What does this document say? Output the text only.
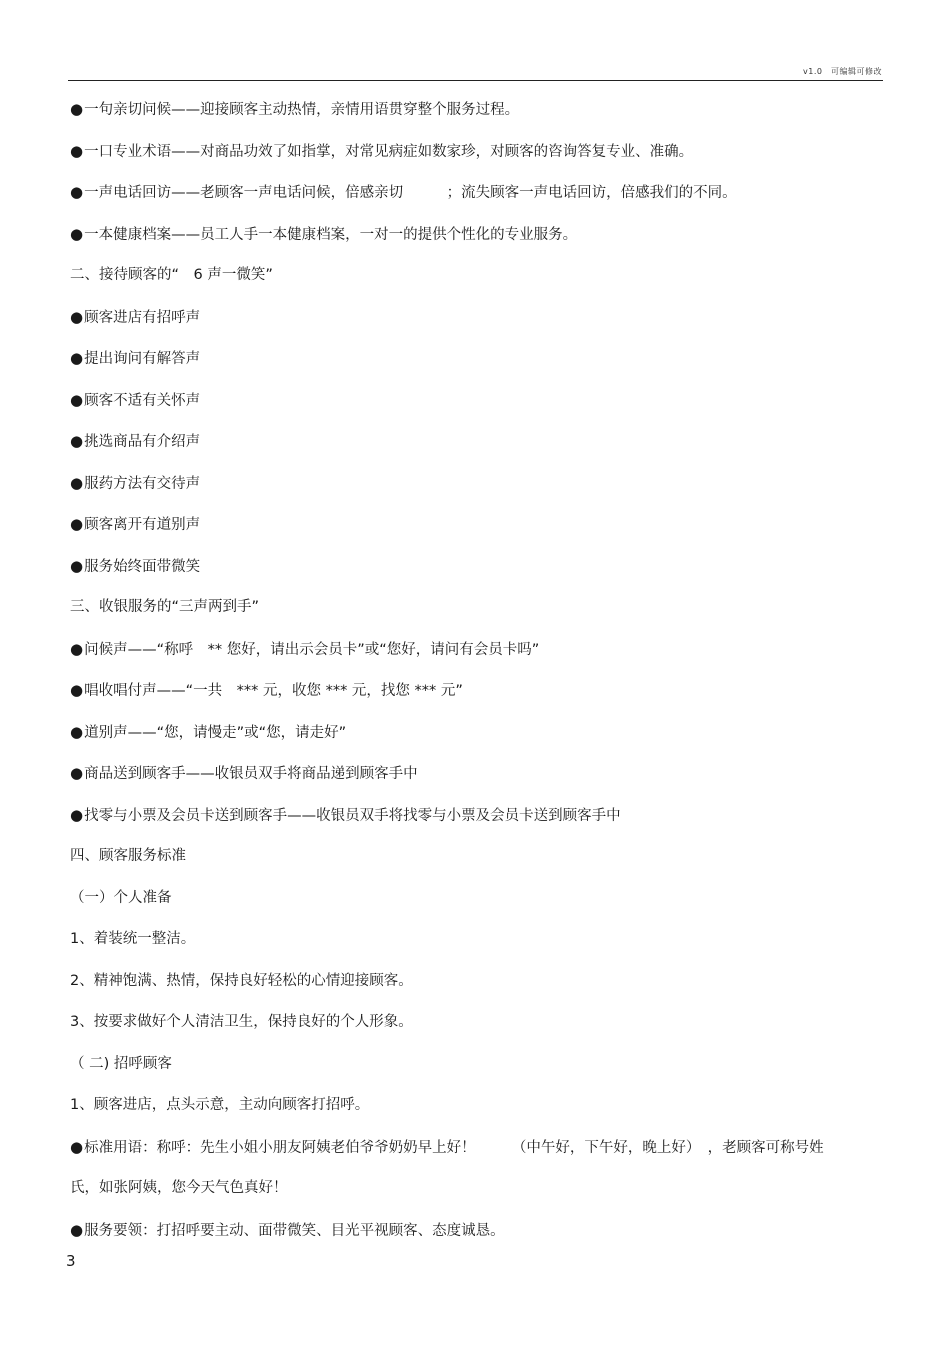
v1.0　可编辑可修改
●一句亲切问候——迎接顾客主动热情，亲情用语贯穿整个服务过程。
●一口专业术语——对商品功效了如指掌，对常见病症如数家珍，对顾客的咨询答复专业、准确。
●一声电话回访——老顾客一声电话问候，倍感亲切　　　；流失顾客一声电话回访，倍感我们的不同。
●一本健康档案——员工人手一本健康档案，一对一的提供个性化的专业服务。
二、接待顾客的“　6 声一微笑”
●顾客进店有招呼声
●提出询问有解答声
●顾客不适有关怀声
●挑选商品有介绍声
●服药方法有交待声
●顾客离开有道别声
●服务始终面带微笑
三、收银服务的“三声两到手”
●问候声——“称呼　** 您好，请出示会员卡”或“您好，请问有会员卡吗”
●唱收唱付声——“一共　*** 元，收您 *** 元，找您 *** 元”
●道别声——“您，请慢走”或“您，请走好”
●商品送到顾客手——收银员双手将商品递到顾客手中
●找零与小票及会员卡送到顾客手——收银员双手将找零与小票及会员卡送到顾客手中
四、顾客服务标准
（一）个人准备
1、着装统一整洁。
2、精神饱满、热情，保持良好轻松的心情迎接顾客。
3、按要求做好个人清洁卫生，保持良好的个人形象。
（ 二) 招呼顾客
1、顾客进店，点头示意，主动向顾客打招呼。
●标准用语：称呼：先生小姐小朋友阿姨老伯爷爷奶奶早上好！　　　（中午好，下午好，晚上好）　，老顾客可称号姓
氏，如张阿姨，您今天气色真好！
●服务要领：打招呼要主动、面带微笑、目光平视顾客、态度诚恳。
3
